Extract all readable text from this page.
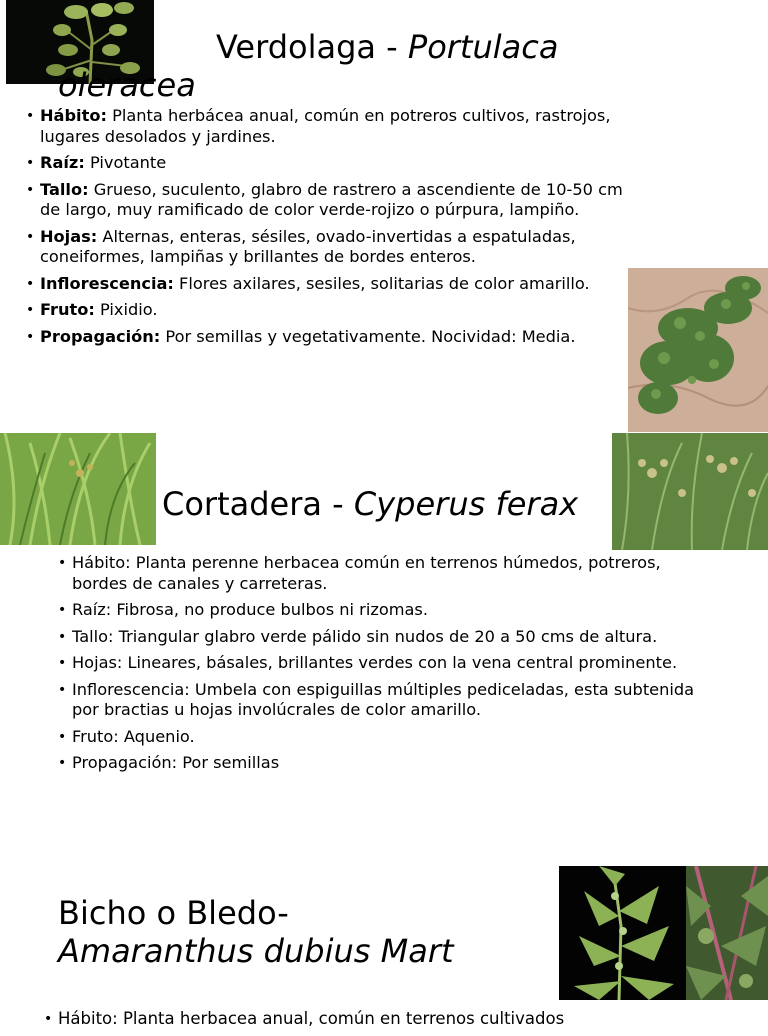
Verdolaga - Portulaca
oleracea
• Hábito: Planta herbácea anual, común en potreros cultivos, rastrojos, lugares desolados y jardines.
• Raíz: Pivotante
• Tallo: Grueso, suculento, glabro de rastrero a ascendiente de 10-50 cm de largo, muy ramificado de color verde-rojizo o púrpura, lampiño.
• Hojas: Alternas, enteras, sésiles, ovado-invertidas a espatuladas, coneiformes, lampiñas y brillantes de bordes enteros.
• Inflorescencia: Flores axilares, sesiles, solitarias de color amarillo.
• Fruto: Pixidio.
• Propagación: Por semillas y vegetativamente. Nocividad: Media.
Cortadera - Cyperus ferax
• Hábito: Planta perenne herbacea común en terrenos húmedos, potreros, bordes de canales y carreteras.
• Raíz: Fibrosa, no produce bulbos ni rizomas.
• Tallo: Triangular glabro verde pálido sin nudos de 20 a 50 cms de altura.
• Hojas: Lineares, básales, brillantes verdes con la vena central prominente.
• Inflorescencia: Umbela con espiguillas múltiples pediceladas, esta subtenida por bractias u hojas involúcrales de color amarillo.
• Fruto: Aquenio.
• Propagación: Por semillas
Bicho o Bledo-
Amaranthus dubius Mart
• Hábito: Planta herbacea anual, común en terrenos cultivados
